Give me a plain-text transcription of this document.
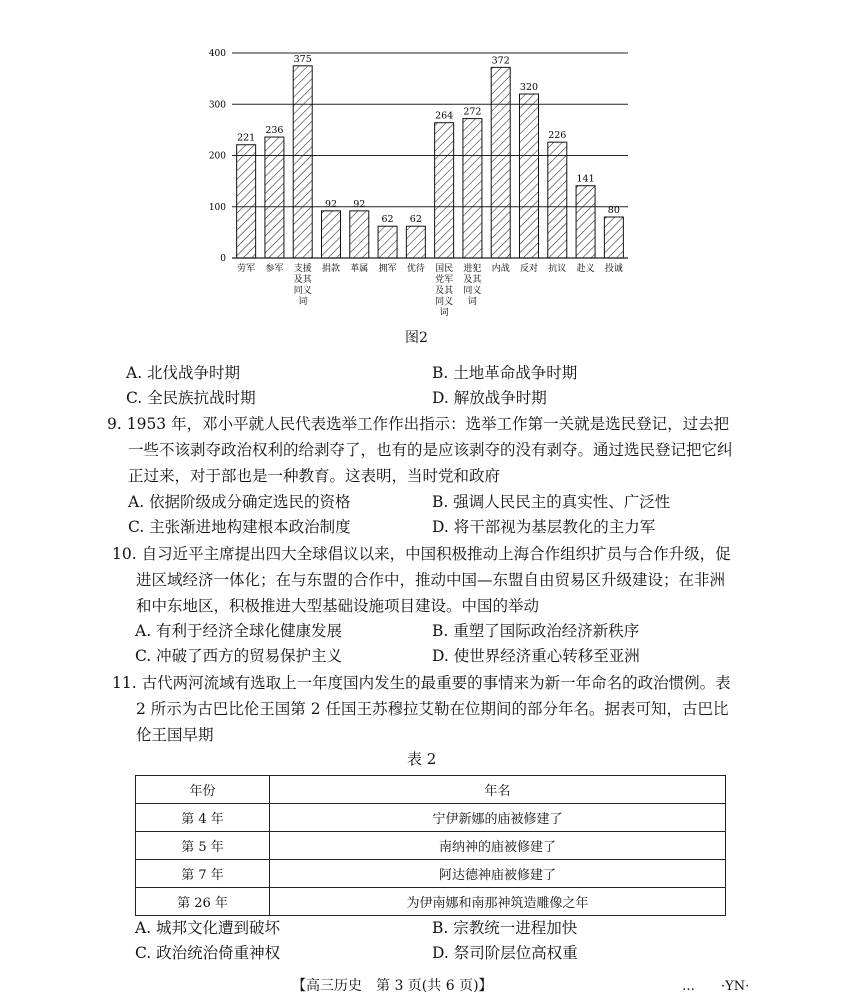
0
100
200
300
400
221
劳军
236
参军
375
支援
及其
同义
词
92
捐款
92
革属
62
拥军
62
优待
264
国民
党军
及其
同义
词
272
进犯
及其
同义
词
372
内战
320
反对
226
抗议
141
赴义
80
投诚
图2
A. 北伐战争时期	B. 土地革命战争时期
C. 全民族抗战时期	D. 解放战争时期
9. 1953 年，邓小平就人民代表选举工作作出指示：选举工作第一关就是选民登记，过去把一些不该剥夺政治权利的给剥夺了，也有的是应该剥夺的没有剥夺。通过选民登记把它纠正过来，对于部也是一种教育。这表明，当时党和政府
A. 依据阶级成分确定选民的资格	B. 强调人民民主的真实性、广泛性
C. 主张渐进地构建根本政治制度	D. 将干部视为基层教化的主力军
10. 自习近平主席提出四大全球倡议以来，中国积极推动上海合作组织扩员与合作升级，促进区域经济一体化；在与东盟的合作中，推动中国—东盟自由贸易区升级建设；在非洲和中东地区，积极推进大型基础设施项目建设。中国的举动
A. 有利于经济全球化健康发展	B. 重塑了国际政治经济新秩序
C. 冲破了西方的贸易保护主义	D. 使世界经济重心转移至亚洲
11. 古代两河流域有选取上一年度国内发生的最重要的事情来为新一年命名的政治惯例。表 2 所示为古巴比伦王国第 2 任国王苏穆拉艾勒在位期间的部分年名。据表可知，古巴比伦王国早期
表 2
年份	年名
第 4 年	宁伊新娜的庙被修建了
第 5 年	南纳神的庙被修建了
第 7 年	阿达德神庙被修建了
第 26 年	为伊南娜和南那神筑造雕像之年
A. 城邦文化遭到破坏	B. 宗教统一进程加快
C. 政治统治倚重神权	D. 祭司阶层位高权重
【高三历史　第 3 页(共 6 页)】	…　　·YN·
